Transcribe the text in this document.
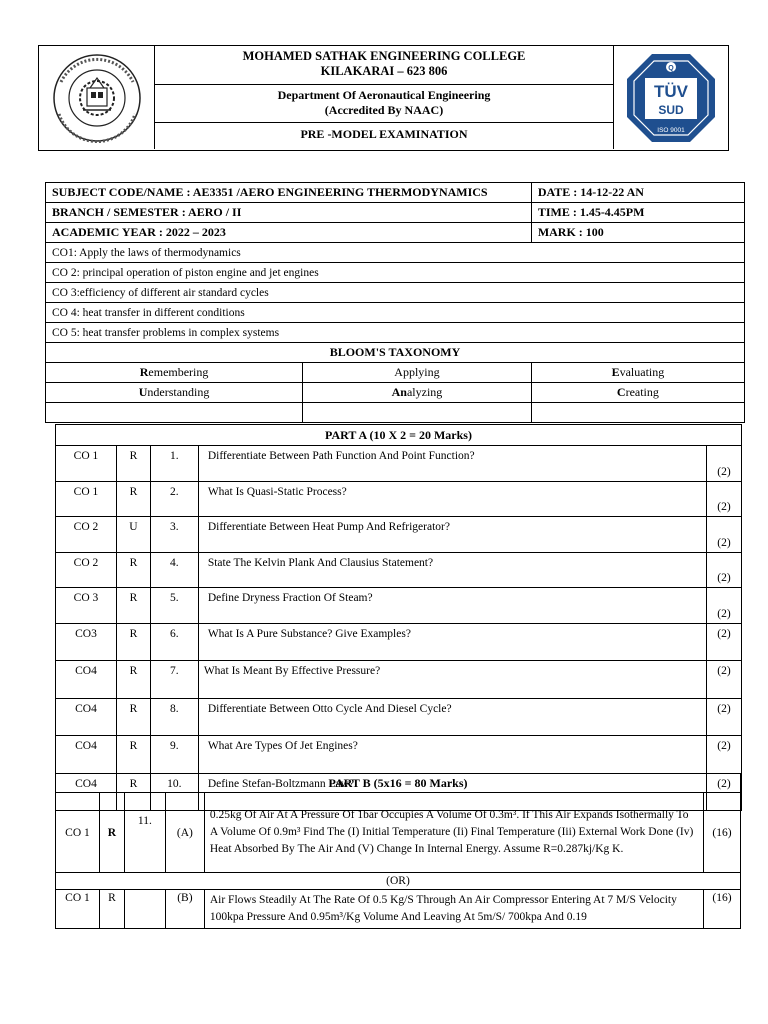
MOHAMED SATHAK ENGINEERING COLLEGE
KILAKARAI – 623 806
Department Of Aeronautical Engineering
(Accredited By NAAC)
PRE -MODEL EXAMINATION
Q
TÜV
SUD
ISO 9001
SUBJECT CODE/NAME : AE3351 /AERO ENGINEERING THERMODYNAMICS		DATE : 14-12-22 AN
BRANCH / SEMESTER : AERO / II		TIME : 1.45-4.45PM
ACADEMIC YEAR : 2022 – 2023		MARK : 100
CO1: Apply the laws of thermodynamics		
CO 2: principal operation of piston engine and jet engines		
CO 3:efficiency of different air standard cycles		
CO 4: heat transfer in different conditions		
CO 5: heat transfer problems in complex systems		
BLOOM'S TAXONOMY		
Remembering	Applying	Evaluating
Understanding	Analyzing	Creating

PART A (10 X 2 = 20 Marks)				
CO 1	R	1.	Differentiate Between Path Function And Point Function?	(2)
CO 1	R	2.	What Is Quasi-Static Process?	(2)
CO 2	U	3.	Differentiate Between Heat Pump And Refrigerator?	(2)
CO 2	R	4.	State The Kelvin Plank And Clausius Statement?	(2)
CO 3	R	5.	Define Dryness Fraction Of Steam?	(2)
CO3	R	6.	What Is A Pure Substance? Give Examples?	(2)
CO4	R	7.	What Is Meant By Effective Pressure?	(2)
CO4	R	8.	Differentiate Between Otto Cycle And Diesel Cycle?	(2)
CO4	R	9.	What Are Types Of Jet Engines?	(2)
CO4	R	10.	Define Stefan-Boltzmann Law?	(2)
PART B (5x16 = 80 Marks)					
CO 1	R	11.	(A)	0.25kg Of Air At A Pressure Of 1bar Occupies A Volume Of 0.3m³. If This Air Expands Isothermally To A Volume Of 0.9m³ Find The (I) Initial Temperature (Ii) Final Temperature (Iii) External Work Done (Iv) Heat Absorbed By The Air And (V) Change In Internal Energy. Assume R=0.287kj/Kg K.	(16)
(OR)					
CO 1	R		(B)	Air Flows Steadily At The Rate Of 0.5 Kg/S Through An Air Compressor Entering At 7 M/S Velocity 100kpa Pressure And 0.95m³/Kg Volume And Leaving At 5m/S/ 700kpa And 0.19	(16)
